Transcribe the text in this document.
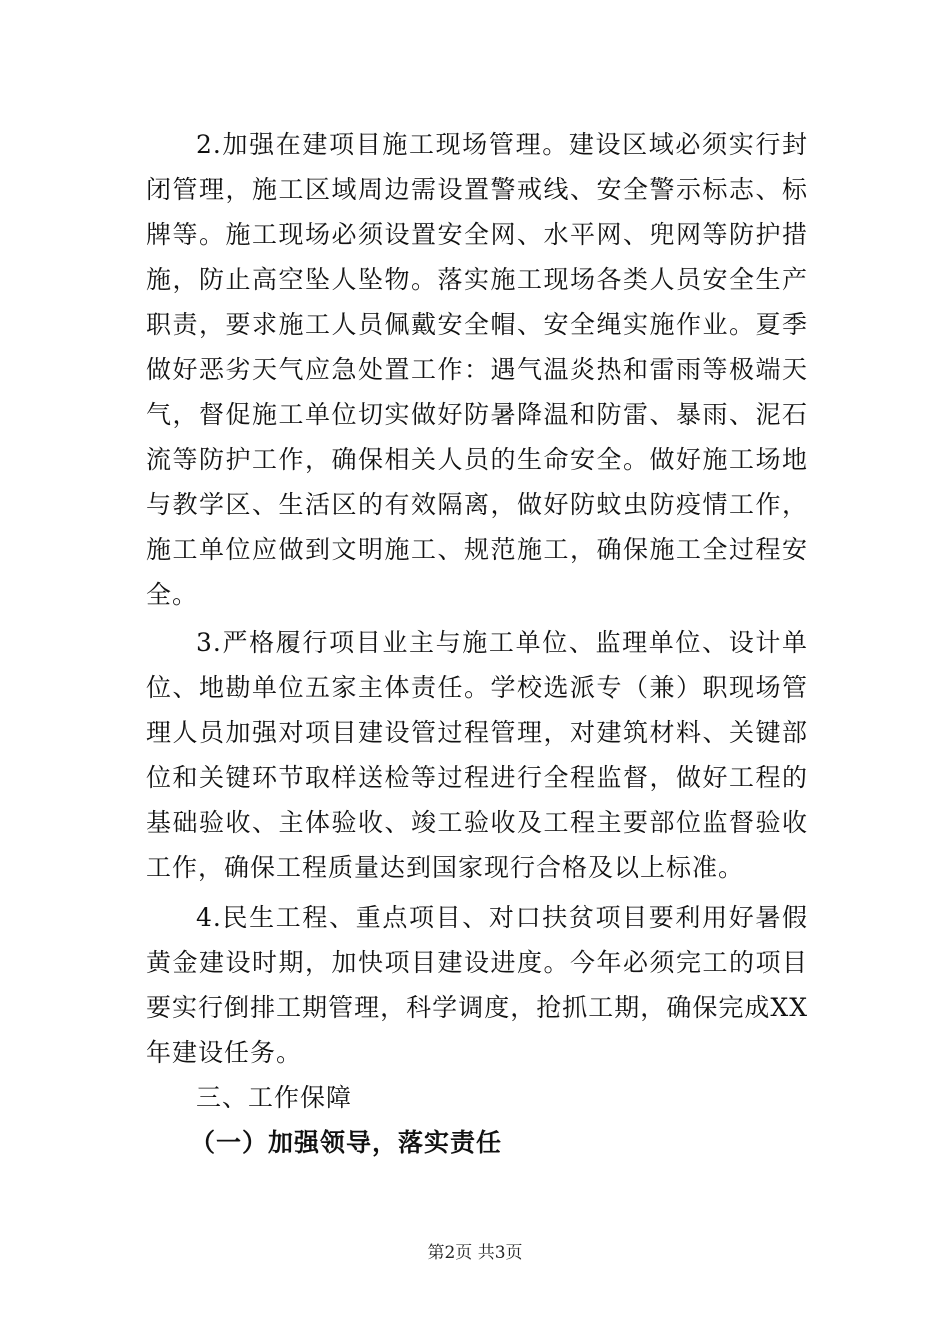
2.加强在建项目施工现场管理。建设区域必须实行封
闭管理，施工区域周边需设置警戒线、安全警示标志、标
牌等。施工现场必须设置安全网、水平网、兜网等防护措
施，防止高空坠人坠物。落实施工现场各类人员安全生产
职责，要求施工人员佩戴安全帽、安全绳实施作业。夏季
做好恶劣天气应急处置工作：遇气温炎热和雷雨等极端天
气，督促施工单位切实做好防暑降温和防雷、暴雨、泥石
流等防护工作，确保相关人员的生命安全。做好施工场地
与教学区、生活区的有效隔离，做好防蚊虫防疫情工作，
施工单位应做到文明施工、规范施工，确保施工全过程安
全。
3.严格履行项目业主与施工单位、监理单位、设计单
位、地勘单位五家主体责任。学校选派专（兼）职现场管
理人员加强对项目建设管过程管理，对建筑材料、关键部
位和关键环节取样送检等过程进行全程监督，做好工程的
基础验收、主体验收、竣工验收及工程主要部位监督验收
工作，确保工程质量达到国家现行合格及以上标准。
4.民生工程、重点项目、对口扶贫项目要利用好暑假
黄金建设时期，加快项目建设进度。今年必须完工的项目
要实行倒排工期管理，科学调度，抢抓工期，确保完成XX
年建设任务。
三、工作保障
（一）加强领导，落实责任
第2页 共3页
